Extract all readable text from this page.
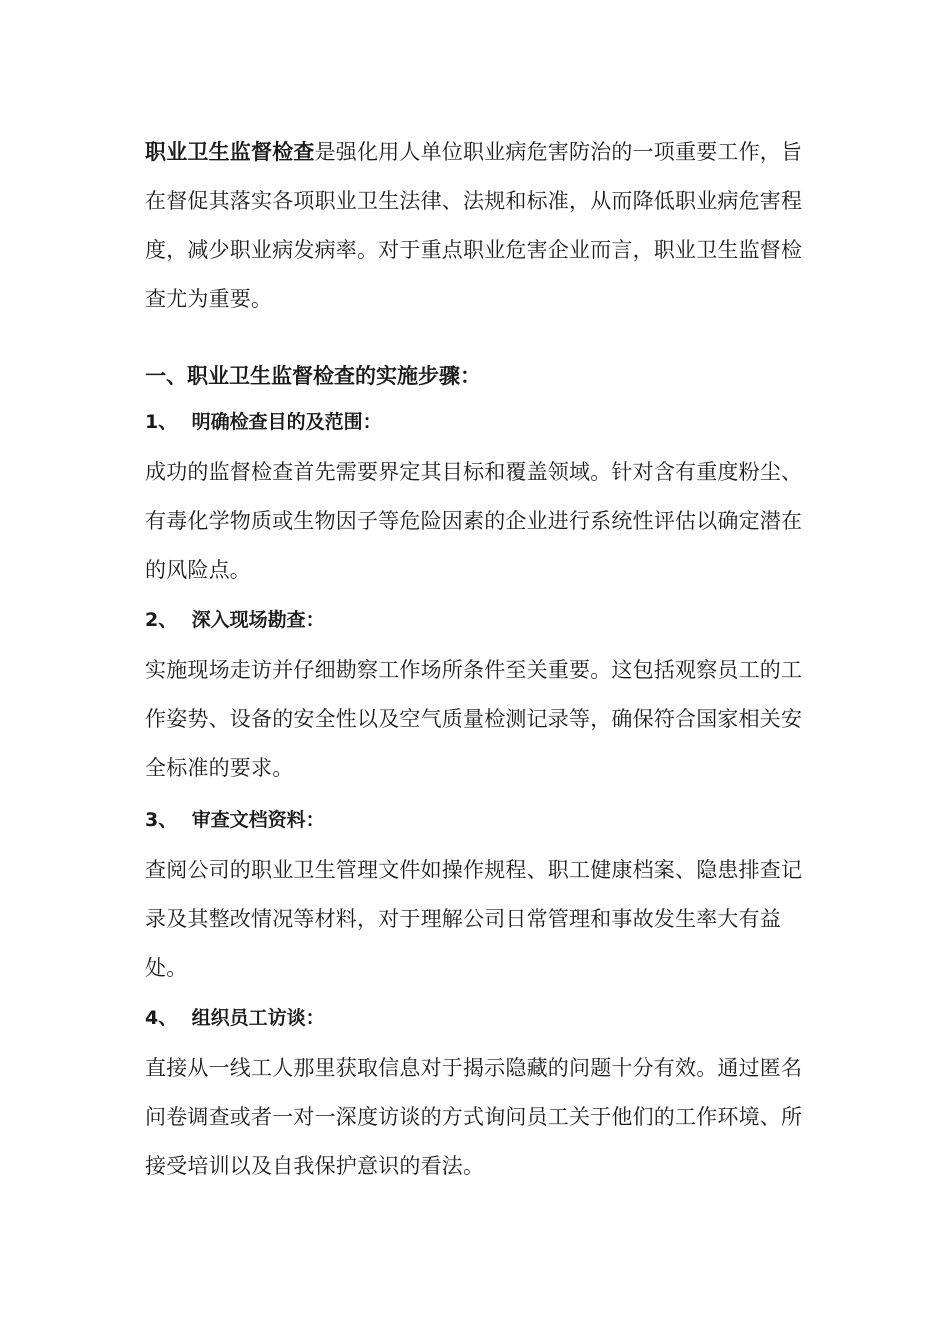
职业卫生监督检查是强化用人单位职业病危害防治的一项重要工作，旨在督促其落实各项职业卫生法律、法规和标准，从而降低职业病危害程度，减少职业病发病率。对于重点职业危害企业而言，职业卫生监督检查尤为重要。

一、职业卫生监督检查的实施步骤：
1、 明确检查目的及范围：

成功的监督检查首先需要界定其目标和覆盖领域。针对含有重度粉尘、有毒化学物质或生物因子等危险因素的企业进行系统性评估以确定潜在的风险点。

2、 深入现场勘查：

实施现场走访并仔细勘察工作场所条件至关重要。这包括观察员工的工作姿势、设备的安全性以及空气质量检测记录等，确保符合国家相关安全标准的要求。

3、 审查文档资料：

查阅公司的职业卫生管理文件如操作规程、职工健康档案、隐患排查记录及其整改情况等材料，对于理解公司日常管理和事故发生率大有益处。

4、 组织员工访谈：

直接从一线工人那里获取信息对于揭示隐藏的问题十分有效。通过匿名问卷调查或者一对一深度访谈的方式询问员工关于他们的工作环境、所接受培训以及自我保护意识的看法。
